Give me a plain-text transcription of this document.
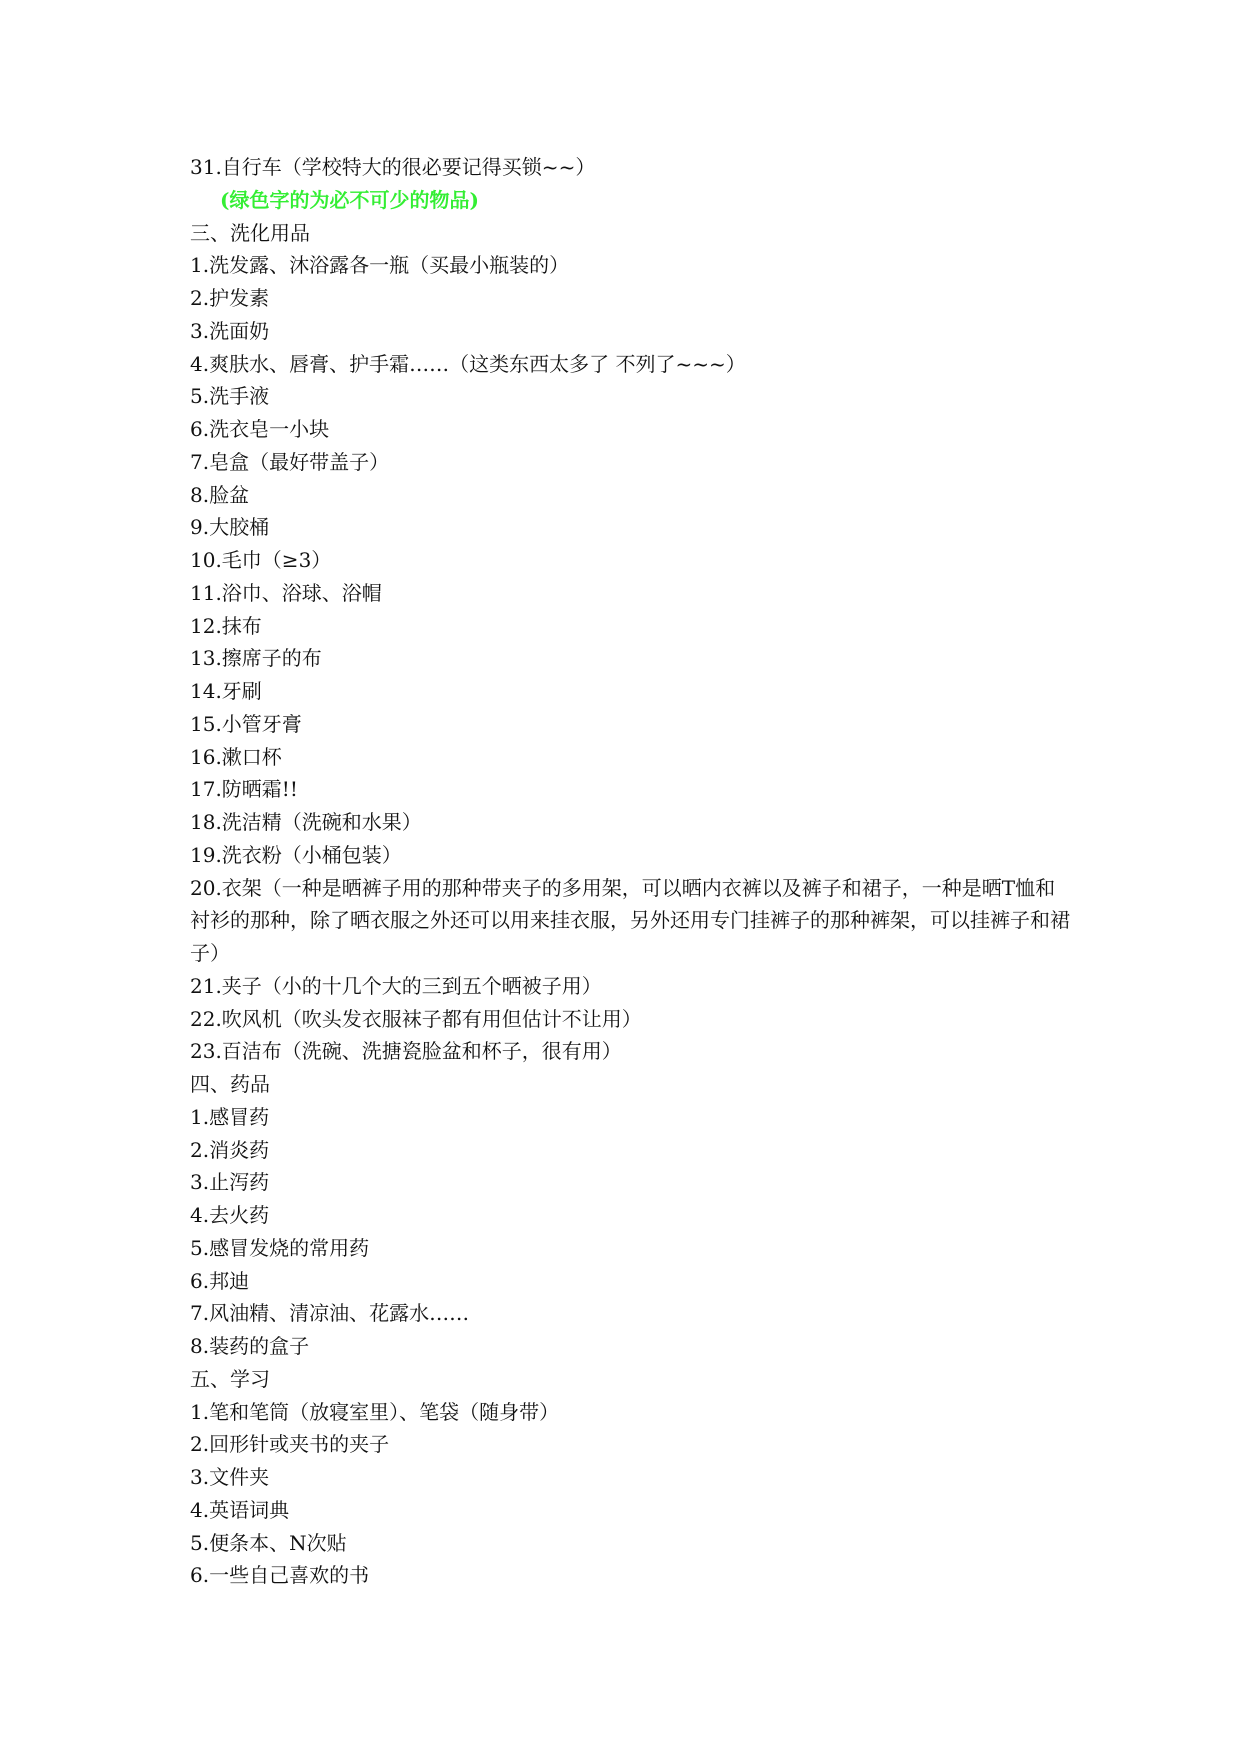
31.自行车（学校特大的很必要记得买锁~~）

(绿色字的为必不可少的物品)

三、洗化用品

1.洗发露、沐浴露各一瓶（买最小瓶装的）

2.护发素

3.洗面奶

4.爽肤水、唇膏、护手霜……（这类东西太多了 不列了~~~）

5.洗手液

6.洗衣皂一小块

7.皂盒（最好带盖子）

8.脸盆

9.大胶桶

10.毛巾（≥3）

11.浴巾、浴球、浴帽

12.抹布

13.擦席子的布

14.牙刷

15.小管牙膏

16.漱口杯

17.防晒霜!!

18.洗洁精（洗碗和水果）

19.洗衣粉（小桶包装）

20.衣架（一种是晒裤子用的那种带夹子的多用架，可以晒内衣裤以及裤子和裙子，一种是晒T恤和衬衫的那种，除了晒衣服之外还可以用来挂衣服，另外还用专门挂裤子的那种裤架，可以挂裤子和裙子）

21.夹子（小的十几个大的三到五个晒被子用）

22.吹风机（吹头发衣服袜子都有用但估计不让用）

23.百洁布（洗碗、洗搪瓷脸盆和杯子，很有用）

四、药品

1.感冒药

2.消炎药

3.止泻药

4.去火药

5.感冒发烧的常用药

6.邦迪

7.风油精、清凉油、花露水……

8.装药的盒子

五、学习

1.笔和笔筒（放寝室里）、笔袋（随身带）

2.回形针或夹书的夹子

3.文件夹

4.英语词典

5.便条本、N次贴

6.一些自己喜欢的书
